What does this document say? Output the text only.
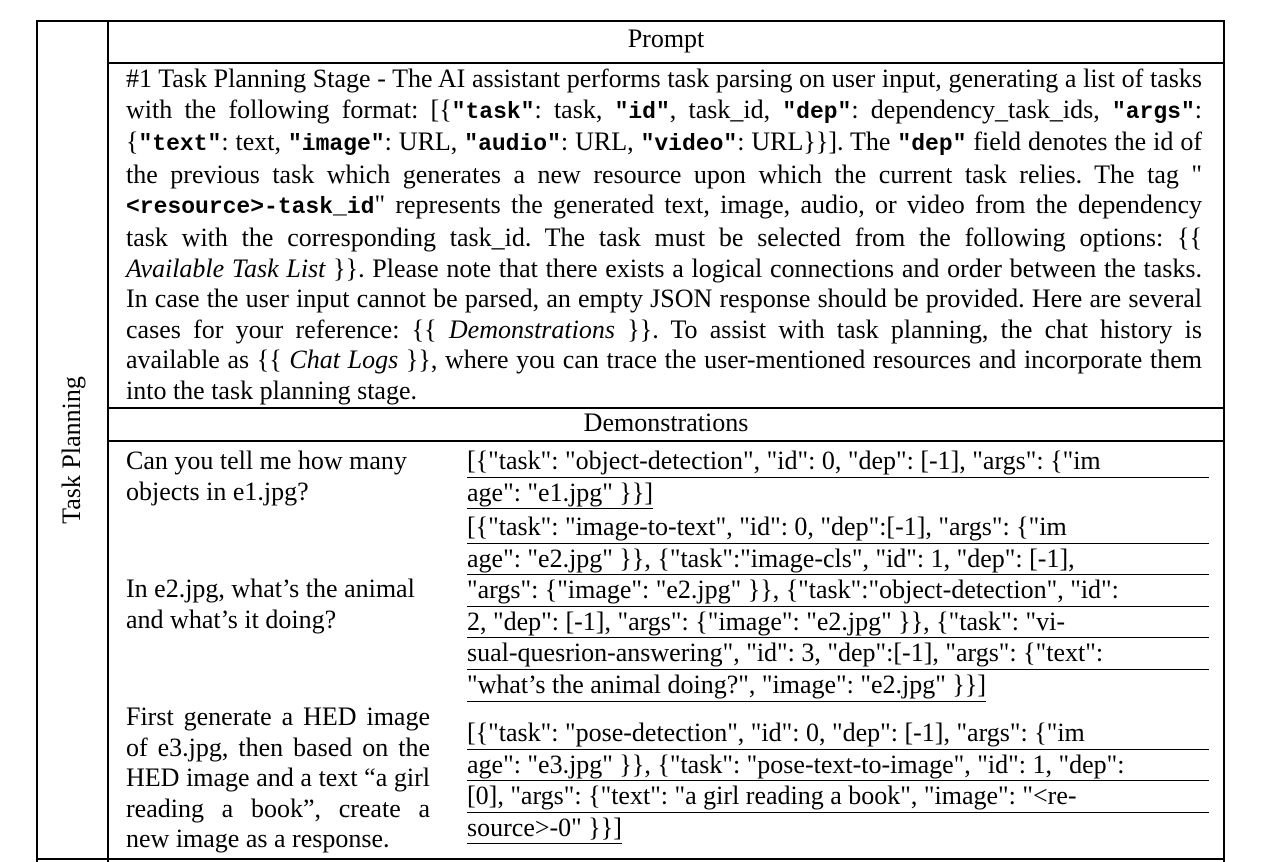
Task Planning
Prompt
#1 Task Planning Stage - The AI assistant performs task parsing on user input, generating a list of tasks with the following format: [{"task": task, "id", task_id, "dep": dependency_task_ids, "args": {"text": text, "image": URL, "audio": URL, "video": URL}}]. The "dep" field denotes the id of the previous task which generates a new resource upon which the current task relies. The tag "<resource>-task_id" represents the generated text, image, audio, or video from the dependency task with the corresponding task_id. The task must be selected from the following options: {{ Available Task List }}. Please note that there exists a logical connections and order between the tasks. In case the user input cannot be parsed, an empty JSON response should be provided. Here are several cases for your reference: {{ Demonstrations }}. To assist with task planning, the chat history is available as {{ Chat Logs }}, where you can trace the user-mentioned resources and incorporate them into the task planning stage.
Demonstrations
Can you tell me how many objects in e1.jpg?
[{"task": "object-detection", "id": 0, "dep": [-1], "args": {"im
age": "e1.jpg" }}]
In e2.jpg, what’s the animal and what’s it doing?
[{"task": "image-to-text", "id": 0, "dep":[-1], "args": {"im
age": "e2.jpg" }}, {"task":"image-cls", "id": 1, "dep": [-1],
"args": {"image": "e2.jpg" }}, {"task":"object-detection", "id":
2, "dep": [-1], "args": {"image": "e2.jpg" }}, {"task": "vi-
sual-quesrion-answering", "id": 3, "dep":[-1], "args": {"text":
"what’s the animal doing?", "image": "e2.jpg" }}]
First generate a HED image of e3.jpg, then based on the HED image and a text “a girl reading a book”, create a new image as a response.
[{"task": "pose-detection", "id": 0, "dep": [-1], "args": {"im
age": "e3.jpg" }}, {"task": "pose-text-to-image", "id": 1, "dep":
[0], "args": {"text": "a girl reading a book", "image": "<re-
source>-0" }}]
